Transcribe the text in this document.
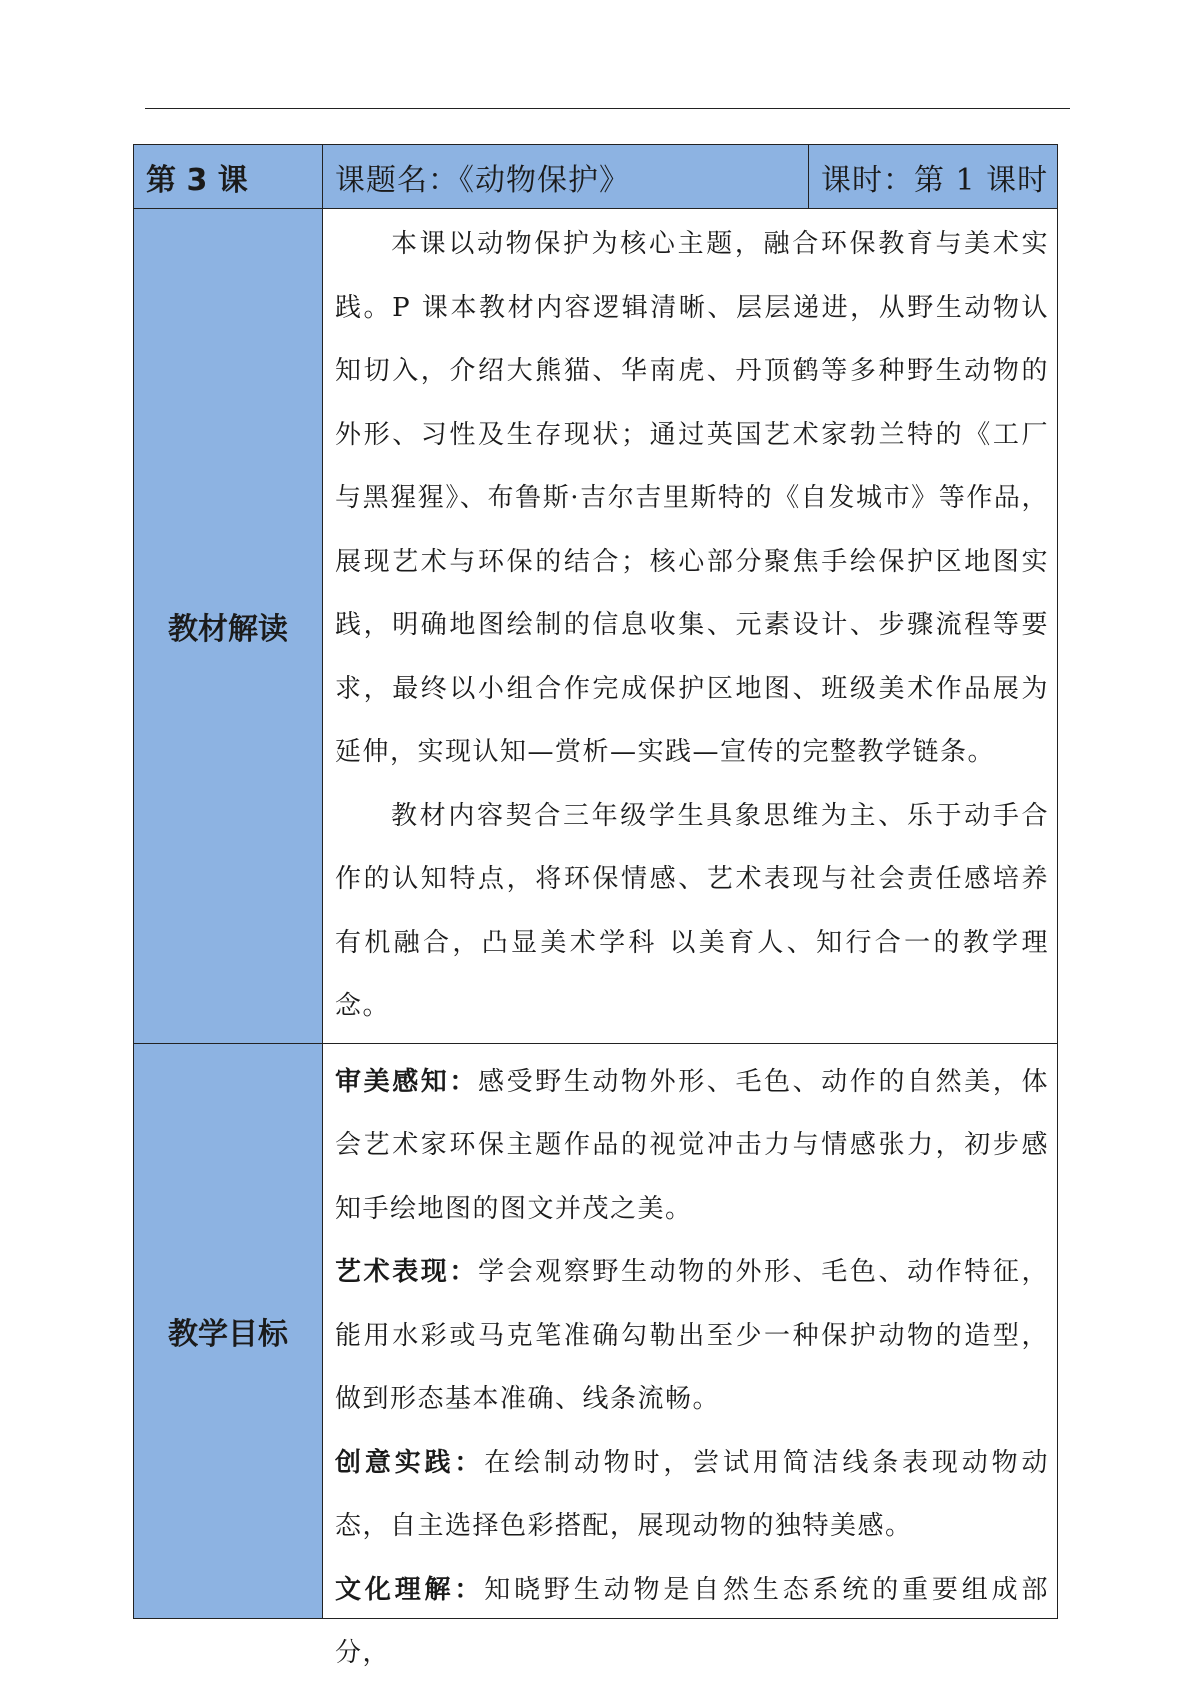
第 3 课	课题名：《动物保护》	课时：第 1 课时
教材解读	本课以动物保护为核心主题，融合环保教育与美术实践。P 课本教材内容逻辑清晰、层层递进，从野生动物认知切入，介绍大熊猫、华南虎、丹顶鹤等多种野生动物的外形、习性及生存现状；通过英国艺术家勃兰特的《工厂与黑猩猩》、布鲁斯·吉尔吉里斯特的《自发城市》等作品，展现艺术与环保的结合；核心部分聚焦手绘保护区地图实践，明确地图绘制的信息收集、元素设计、步骤流程等要求，最终以小组合作完成保护区地图、班级美术作品展为延伸，实现认知—赏析—实践—宣传的完整教学链条。

教材内容契合三年级学生具象思维为主、乐于动手合作的认知特点，将环保情感、艺术表现与社会责任感培养有机融合，凸显美术学科 以美育人、知行合一的教学理念。	

教学目标	审美感知：感受野生动物外形、毛色、动作的自然美，体会艺术家环保主题作品的视觉冲击力与情感张力，初步感知手绘地图的图文并茂之美。

艺术表现：学会观察野生动物的外形、毛色、动作特征，能用水彩或马克笔准确勾勒出至少一种保护动物的造型，做到形态基本准确、线条流畅。

创意实践：在绘制动物时，尝试用简洁线条表现动物动态，自主选择色彩搭配，展现动物的独特美感。

文化理解：知晓野生动物是自然生态系统的重要组成部分，	
